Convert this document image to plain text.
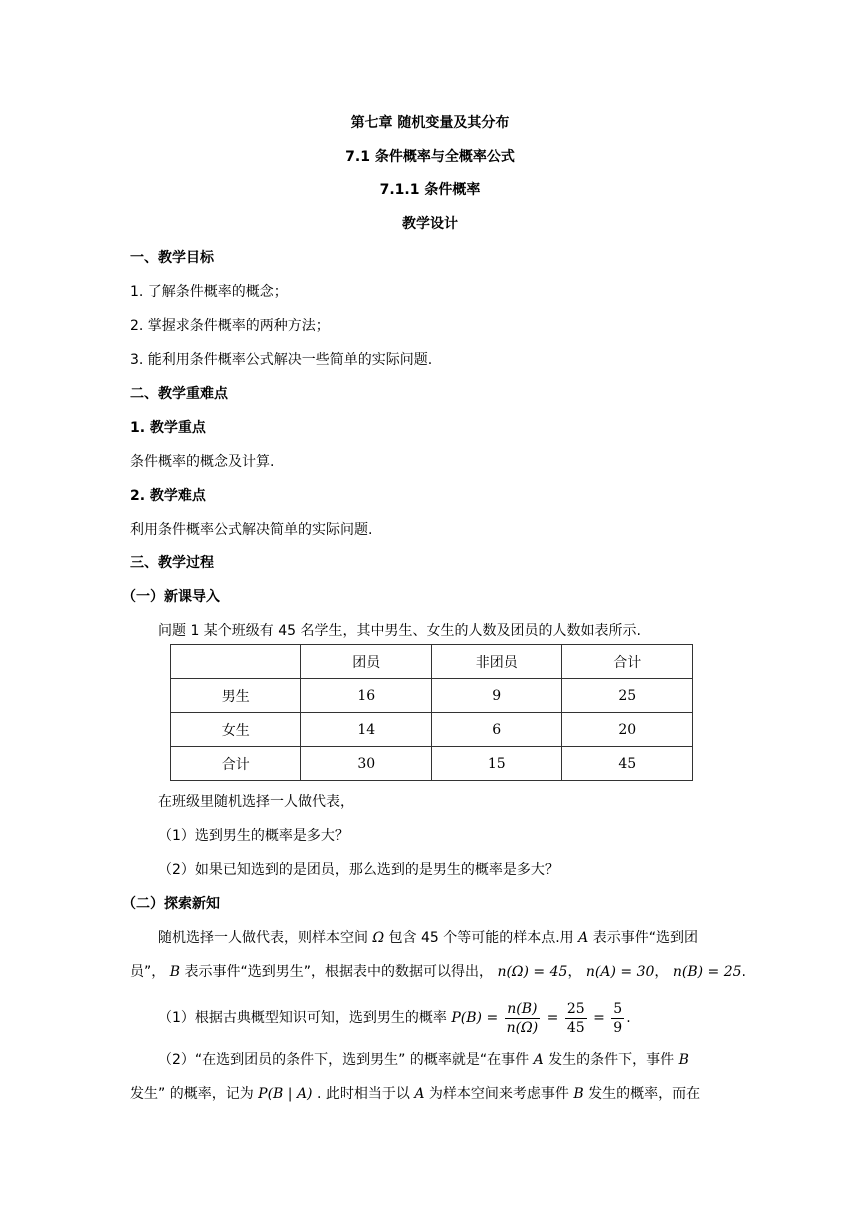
第七章 随机变量及其分布
7.1 条件概率与全概率公式
7.1.1 条件概率
教学设计
一、教学目标
1. 了解条件概率的概念；
2. 掌握求条件概率的两种方法；
3. 能利用条件概率公式解决一些简单的实际问题.
二、教学重难点
1. 教学重点
条件概率的概念及计算.
2. 教学难点
利用条件概率公式解决简单的实际问题.
三、教学过程
（一）新课导入
问题 1 某个班级有 45 名学生，其中男生、女生的人数及团员的人数如表所示.
	团员	非团员	合计
男生	16	9	25
女生	14	6	20
合计	30	15	45
在班级里随机选择一人做代表，
（1）选到男生的概率是多大？
（2）如果已知选到的是团员，那么选到的是男生的概率是多大？
（二）探索新知
随机选择一人做代表，则样本空间 Ω 包含 45 个等可能的样本点.用 A 表示事件“选到团
员”， B 表示事件“选到男生”，根据表中的数据可以得出， n(Ω) = 45， n(A) = 30， n(B) = 25.
（1）根据古典概型知识可知，选到男生的概率 $P(B) = \frac{n(B)}{n(\Omega)} = \frac{25}{45} = \frac{5}{9}$ .
（2）“在选到团员的条件下，选到男生” 的概率就是“在事件 A 发生的条件下，事件 B
发生” 的概率，记为 P(B | A) . 此时相当于以 A 为样本空间来考虑事件 B 发生的概率，而在
